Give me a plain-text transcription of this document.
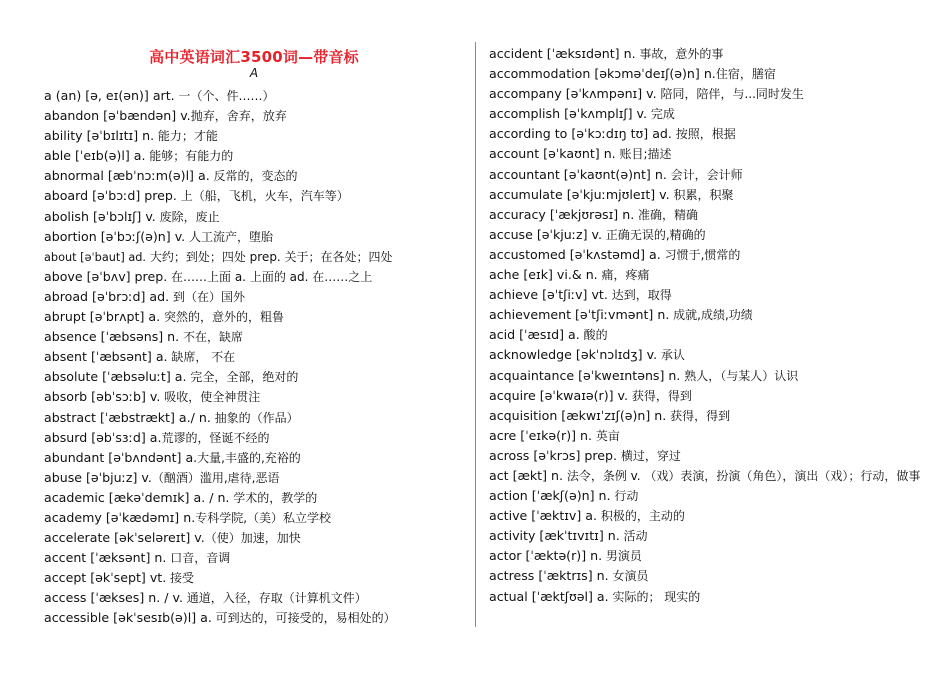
高中英语词汇3500词—带音标
A
a (an) [ə, eɪ(ən)] art. 一（个、件……）
abandon [əˈbændən] v.抛弃，舍弃，放弃
ability [əˈbɪlɪtɪ] n. 能力；才能
able [ˈeɪb(ə)l] a. 能够；有能力的
abnormal [æbˈnɔːm(ə)l] a. 反常的，变态的
aboard [əˈbɔːd] prep. 上（船，飞机，火车，汽车等）
abolish [əˈbɔlɪʃ] v. 废除，废止
abortion [əˈbɔːʃ(ə)n] v. 人工流产，堕胎
about [əˈbaut] ad. 大约；到处；四处 prep. 关于；在各处；四处
above [əˈbʌv] prep. 在……上面 a. 上面的 ad. 在……之上
abroad [əˈbrɔːd] ad. 到（在）国外
abrupt [əˈbrʌpt] a. 突然的，意外的，粗鲁
absence [ˈæbsəns] n. 不在，缺席
absent [ˈæbsənt] a. 缺席， 不在
absolute [ˈæbsəluːt] a. 完全，全部，绝对的
absorb [əbˈsɔːb] v. 吸收，使全神贯注
abstract [ˈæbstrækt] a./ n. 抽象的（作品）
absurd [əbˈsɜːd] a.荒谬的，怪诞不经的
abundant [əˈbʌndənt] a.大量,丰盛的,充裕的
abuse [əˈbjuːz] v.（酗酒）滥用,虐待,恶语
academic [ækəˈdemɪk] a. / n. 学术的，教学的
academy [əˈkædəmɪ] n.专科学院,（美）私立学校
accelerate [əkˈseləreɪt] v.（使）加速，加快
accent [ˈæksənt] n. 口音，音调
accept [əkˈsept] vt. 接受
access [ˈækses] n. / v. 通道，入径，存取（计算机文件）
accessible [əkˈsesɪb(ə)l] a. 可到达的，可接受的，易相处的）
accident [ˈæksɪdənt] n. 事故，意外的事
accommodation [əkɔməˈdeɪʃ(ə)n] n.住宿，膳宿
accompany [əˈkʌmpənɪ] v. 陪同，陪伴，与...同时发生
accomplish [əˈkʌmplɪʃ] v. 完成
according to [əˈkɔːdɪŋ tʊ] ad. 按照，根据
account [əˈkaʊnt] n. 账目;描述
accountant [əˈkaʊnt(ə)nt] n. 会计，会计师
accumulate [əˈkjuːmjʊleɪt] v. 积累，积聚
accuracy [ˈækjʊrəsɪ] n. 准确，精确
accuse [əˈkjuːz] v. 正确无误的,精确的
accustomed [əˈkʌstəmd] a. 习惯于,惯常的
ache [eɪk] vi.& n. 痛，疼痛
achieve [əˈtʃiːv] vt. 达到，取得
achievement [əˈtʃiːvmənt] n. 成就,成绩,功绩
acid [ˈæsɪd] a. 酸的
acknowledge [əkˈnɔlɪdʒ] v. 承认
acquaintance [əˈkweɪntəns] n. 熟人，（与某人）认识
acquire [əˈkwaɪə(r)] v. 获得，得到
acquisition [ækwɪˈzɪʃ(ə)n] n. 获得，得到
acre [ˈeɪkə(r)] n. 英亩
across [əˈkrɔs] prep. 横过，穿过
act [ækt] n. 法令，条例 v. （戏）表演，扮演（角色），演出（戏）；行动，做事
action [ˈækʃ(ə)n] n. 行动
active [ˈæktɪv] a. 积极的，主动的
activity [ækˈtɪvɪtɪ] n. 活动
actor [ˈæktə(r)] n. 男演员
actress [ˈæktrɪs] n. 女演员
actual [ˈæktʃʊəl] a. 实际的； 现实的
